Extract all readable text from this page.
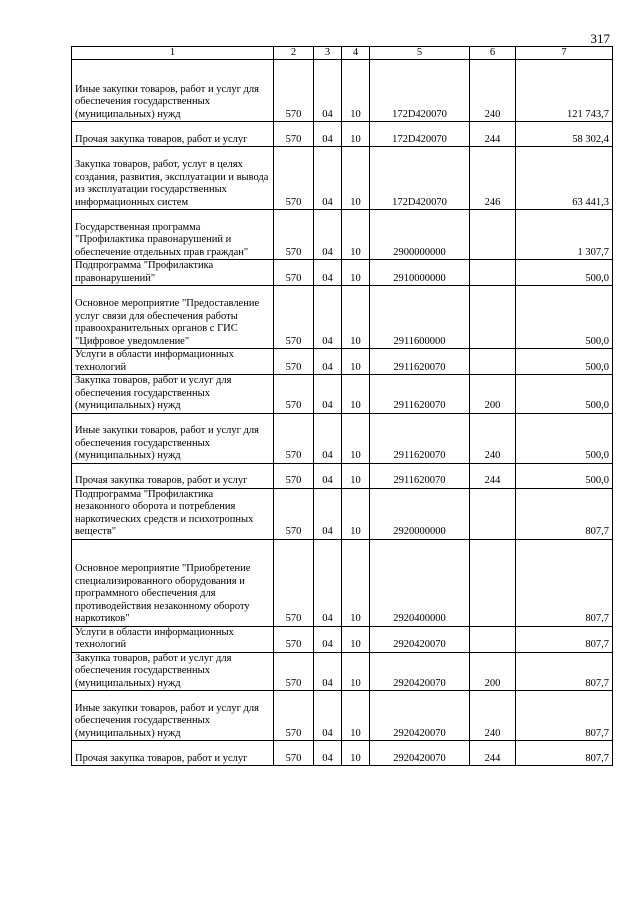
317
1	2	3	4	5	6	7
Иные закупки товаров, работ и услуг для обеспечения государственных (муниципальных) нужд	570	04	10	172D420070	240	121 743,7
Прочая закупка товаров, работ и услуг	570	04	10	172D420070	244	58 302,4
Закупка товаров, работ, услуг в целях создания, развития, эксплуатации и вывода из эксплуатации государственных информационных систем	570	04	10	172D420070	246	63 441,3
Государственная программа "Профилактика правонарушений и обеспечение отдельных прав граждан"	570	04	10	2900000000		1 307,7
Подпрограмма "Профилактика правонарушений"	570	04	10	2910000000		500,0
Основное мероприятие "Предоставление услуг связи для обеспечения работы правоохранительных органов с ГИС "Цифровое уведомление"	570	04	10	2911600000		500,0
Услуги в области информационных технологий	570	04	10	2911620070		500,0
Закупка товаров, работ и услуг для обеспечения государственных (муниципальных) нужд	570	04	10	2911620070	200	500,0
Иные закупки товаров, работ и услуг для обеспечения государственных (муниципальных) нужд	570	04	10	2911620070	240	500,0
Прочая закупка товаров, работ и услуг	570	04	10	2911620070	244	500,0
Подпрограмма "Профилактика незаконного оборота и потребления наркотических средств и психотропных веществ"	570	04	10	2920000000		807,7
Основное мероприятие "Приобретение специализированного оборудования и программного обеспечения для противодействия незаконному обороту наркотиков"	570	04	10	2920400000		807,7
Услуги в области информационных технологий	570	04	10	2920420070		807,7
Закупка товаров, работ и услуг для обеспечения государственных (муниципальных) нужд	570	04	10	2920420070	200	807,7
Иные закупки товаров, работ и услуг для обеспечения государственных (муниципальных) нужд	570	04	10	2920420070	240	807,7
Прочая закупка товаров, работ и услуг	570	04	10	2920420070	244	807,7
